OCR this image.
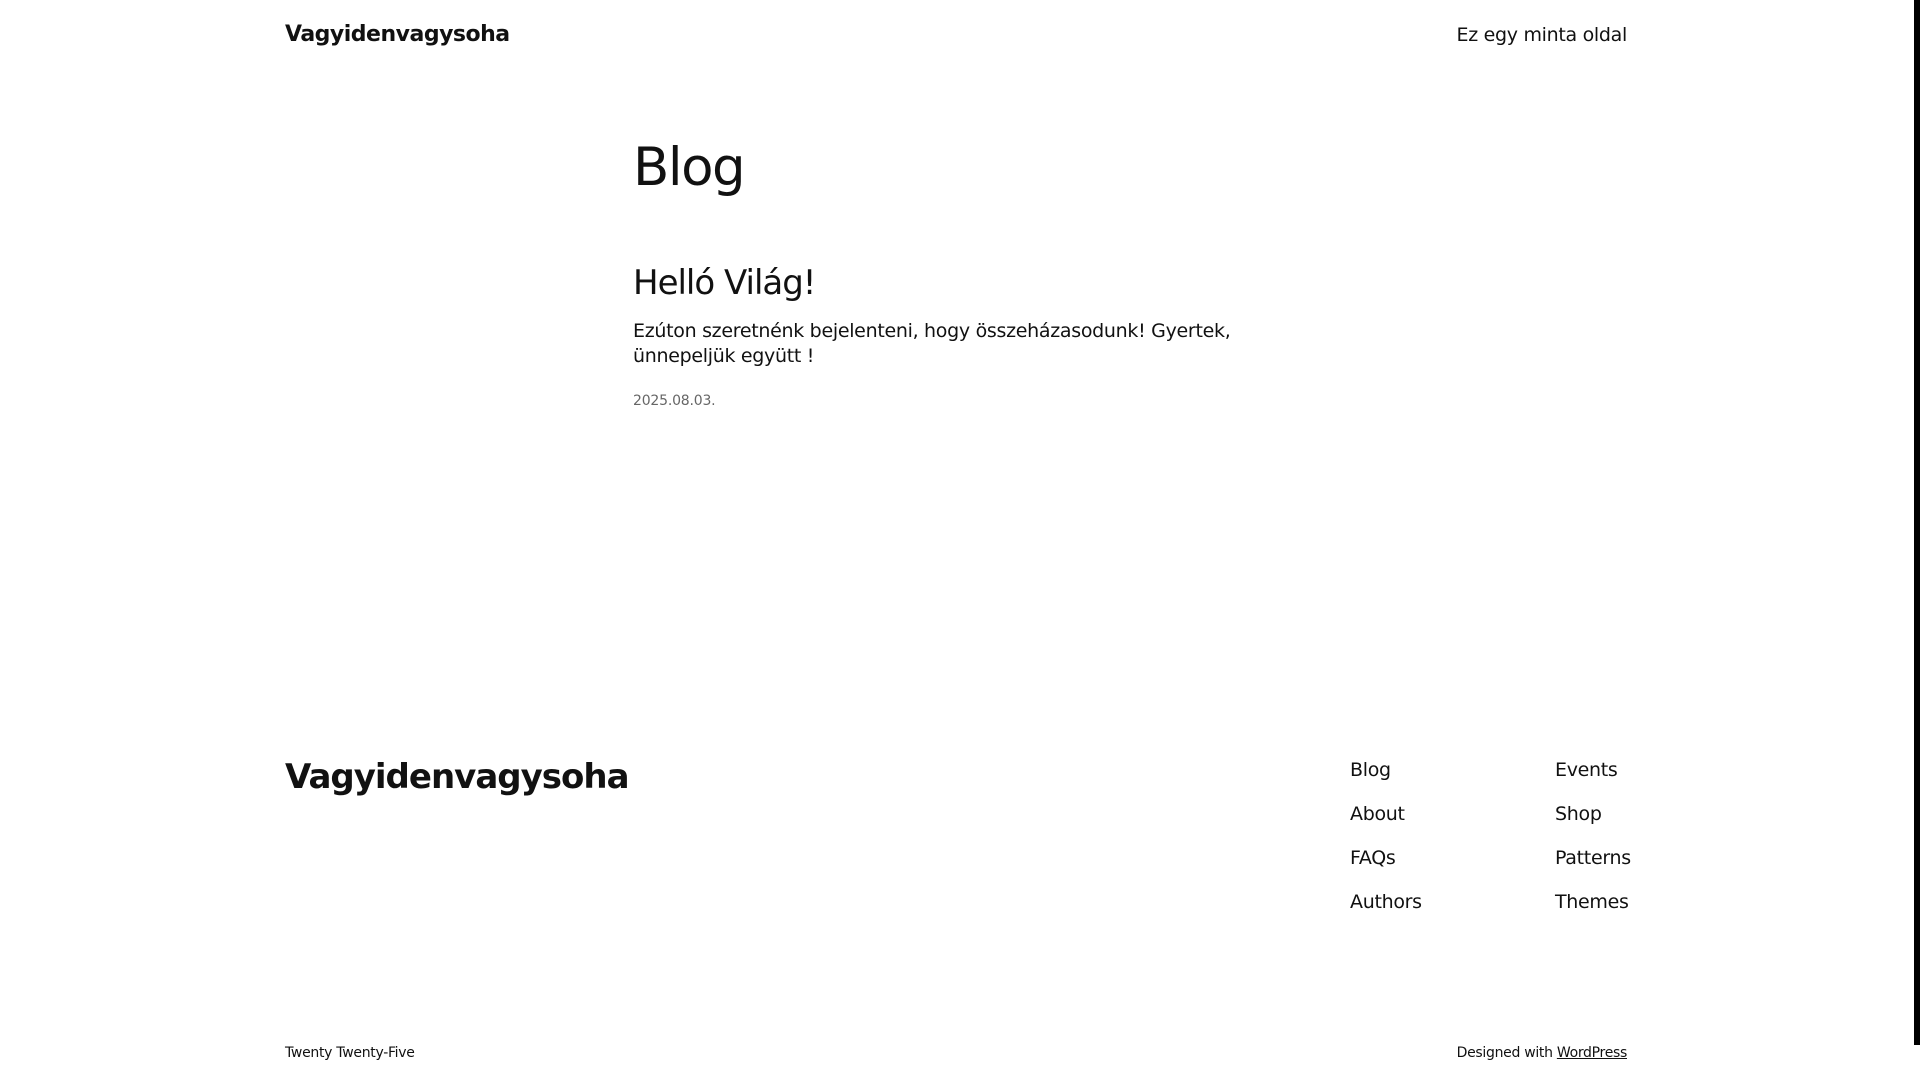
Vagyidenvagysoha	Ez egy minta oldal
Blog
Helló Világ!

Ezúton szeretnénk bejelenteni, hogy összeházasodunk! Gyertek, ünnepeljük együtt !

2025.08.03.
Vagyidenvagysoha	Blog
About
FAQs
Authors
Events
Shop
Patterns
Themes
Twenty Twenty-Five	Designed with WordPress
